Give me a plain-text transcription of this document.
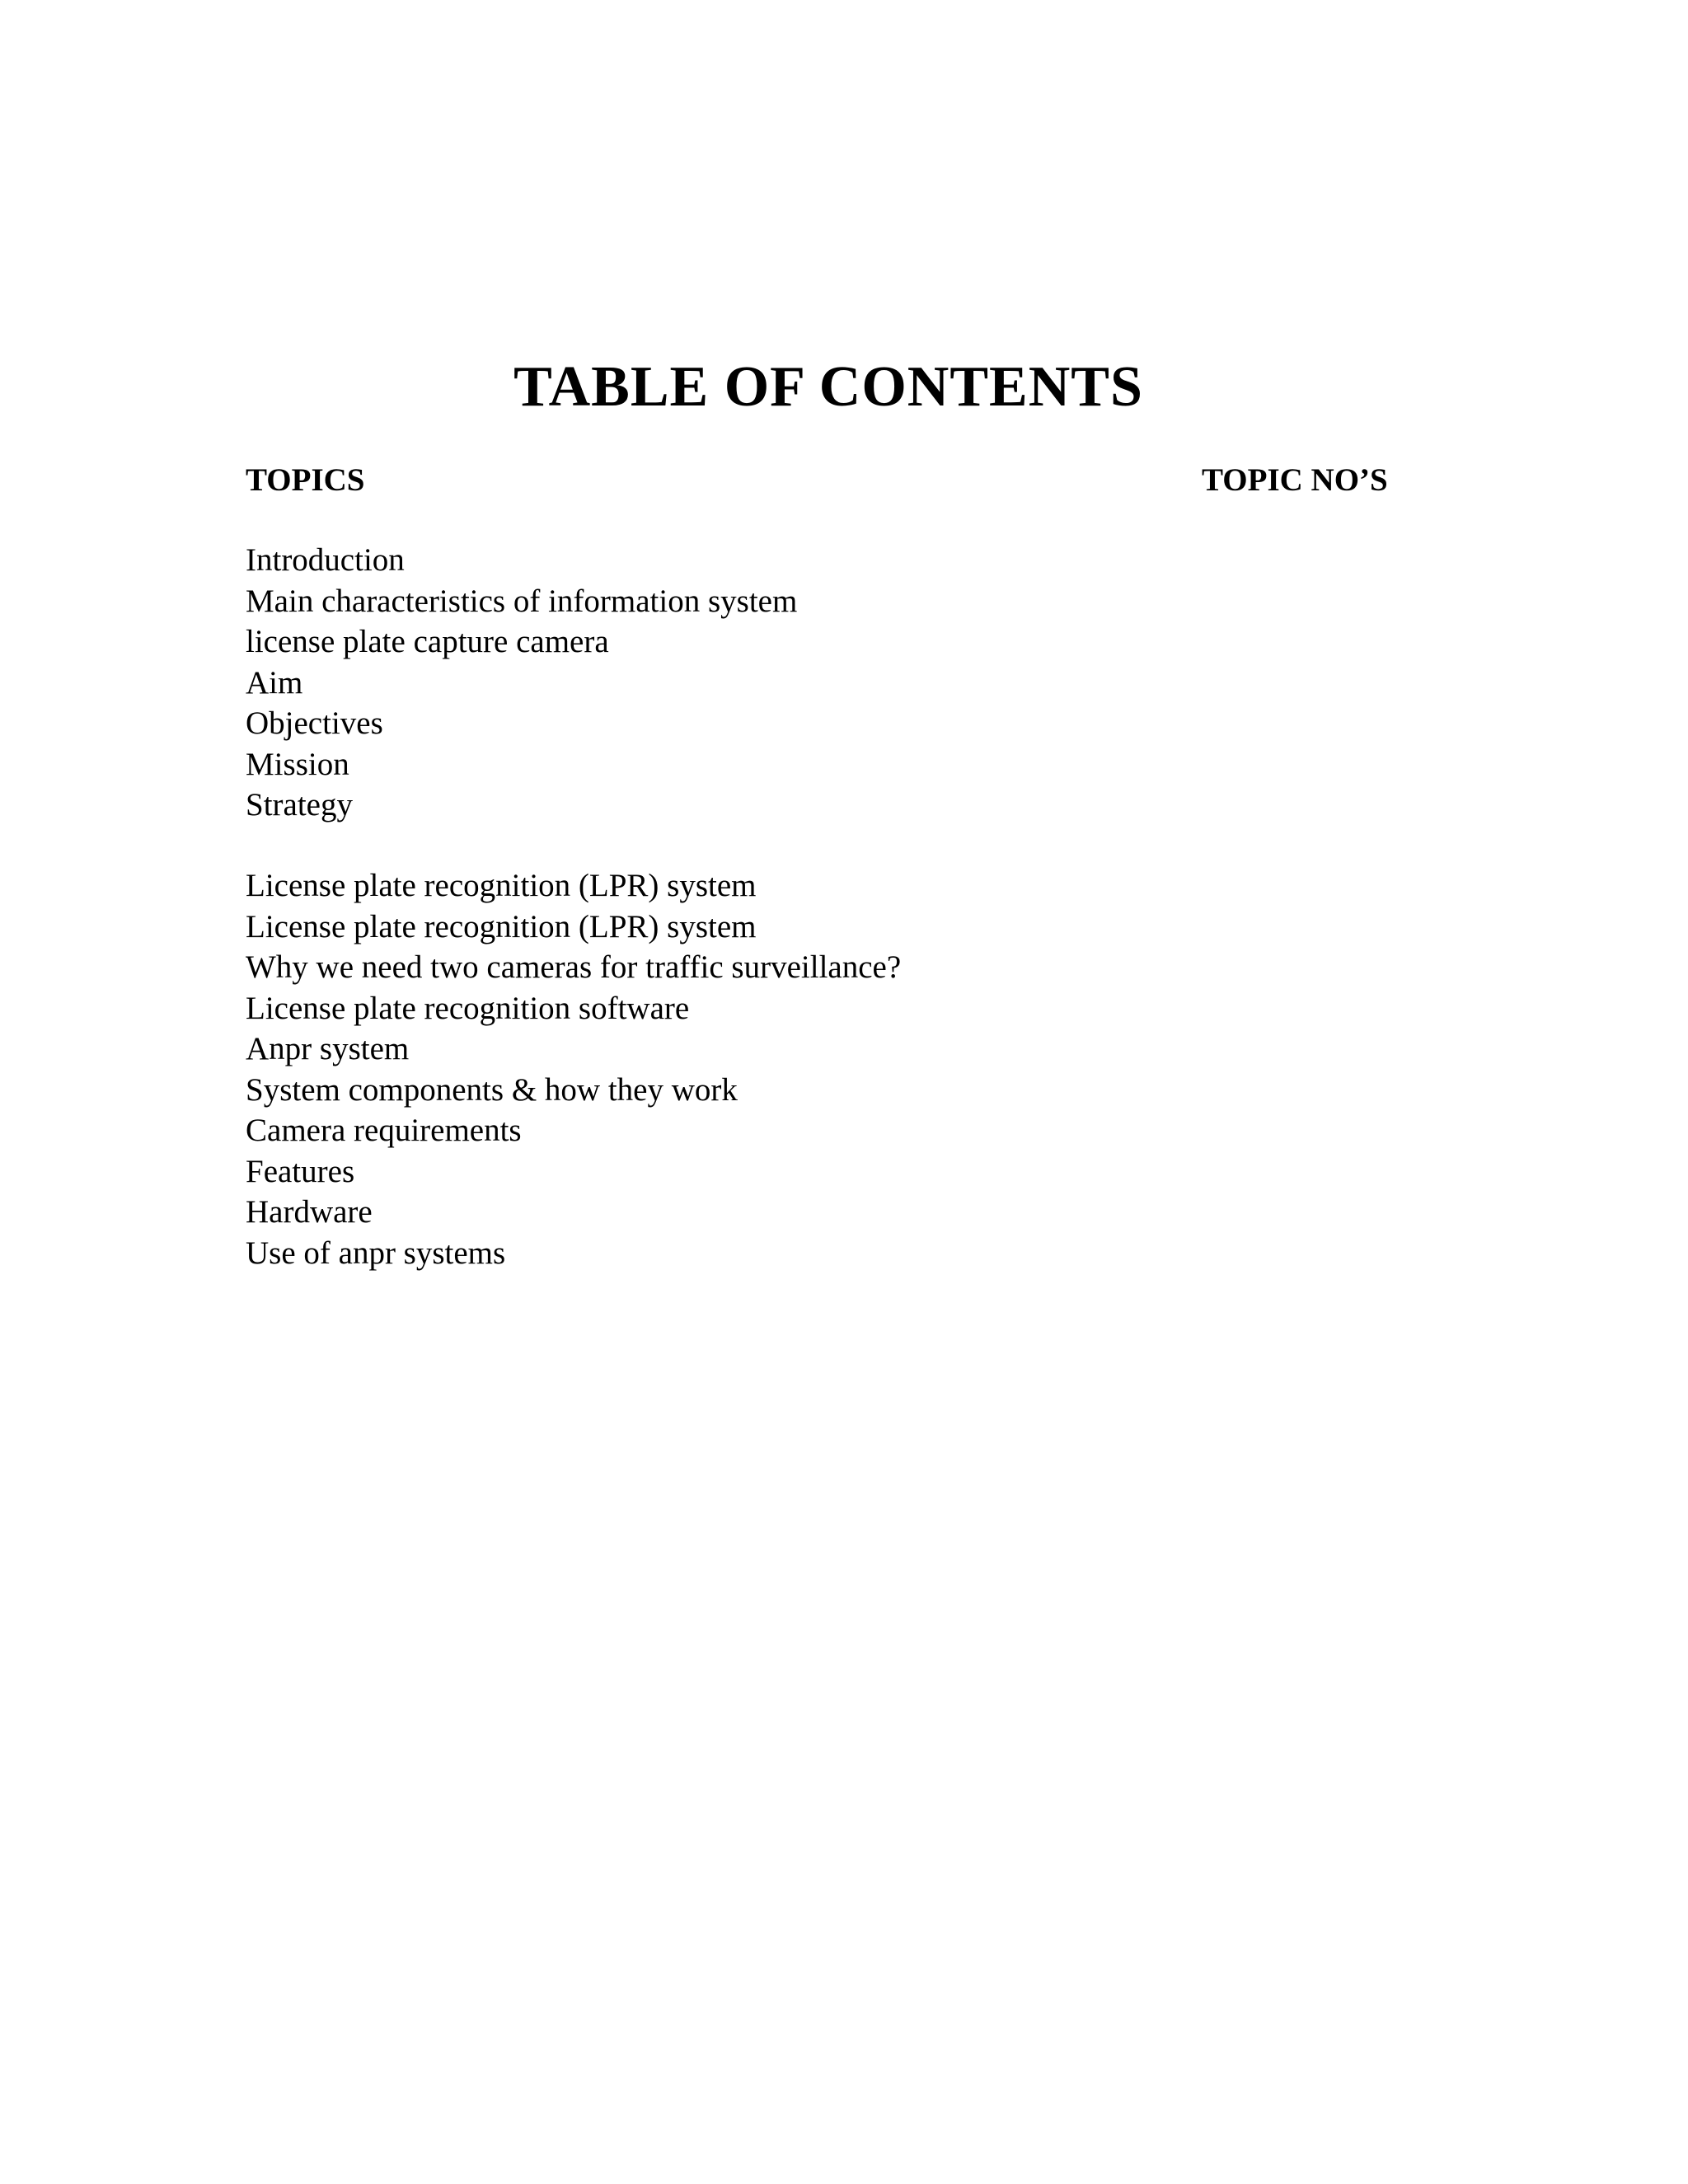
TABLE OF CONTENTS
TOPICS	TOPIC NO’S
Introduction
Main characteristics of information system
license plate capture camera
Aim
Objectives
Mission
Strategy
License plate recognition (LPR) system
License plate recognition (LPR) system
Why we need two cameras for traffic surveillance?
License plate recognition software
Anpr system
System components & how they work
Camera requirements
Features
Hardware
Use of anpr systems
